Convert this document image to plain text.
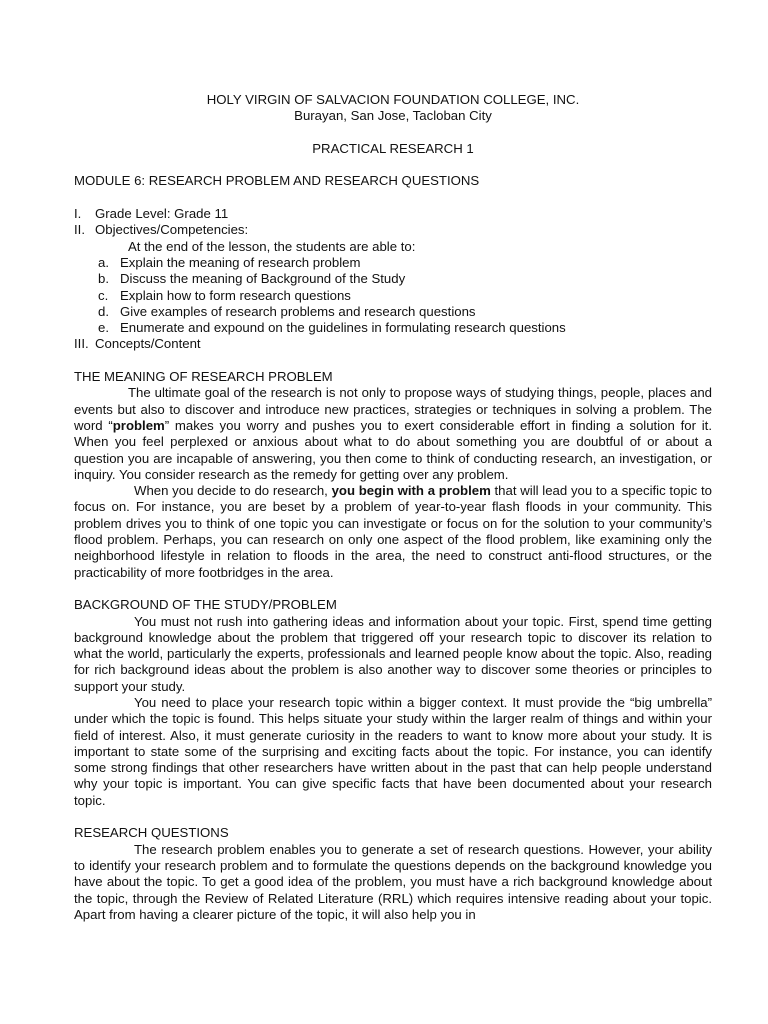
HOLY VIRGIN OF SALVACION FOUNDATION COLLEGE, INC.
Burayan, San Jose, Tacloban City
PRACTICAL RESEARCH 1
MODULE 6: RESEARCH PROBLEM AND RESEARCH QUESTIONS
I. Grade Level: Grade 11
II. Objectives/Competencies:
At the end of the lesson, the students are able to:
a. Explain the meaning of research problem
b. Discuss the meaning of Background of the Study
c. Explain how to form research questions
d. Give examples of research problems and research questions
e. Enumerate and expound on the guidelines in formulating research questions
III. Concepts/Content
THE MEANING OF RESEARCH PROBLEM
The ultimate goal of the research is not only to propose ways of studying things, people, places and events but also to discover and introduce new practices, strategies or techniques in solving a problem. The word “problem” makes you worry and pushes you to exert considerable effort in finding a solution for it. When you feel perplexed or anxious about what to do about something you are doubtful of or about a question you are incapable of answering, you then come to think of conducting research, an investigation, or inquiry. You consider research as the remedy for getting over any problem.
When you decide to do research, you begin with a problem that will lead you to a specific topic to focus on. For instance, you are beset by a problem of year-to-year flash floods in your community. This problem drives you to think of one topic you can investigate or focus on for the solution to your community’s flood problem. Perhaps, you can research on only one aspect of the flood problem, like examining only the neighborhood lifestyle in relation to floods in the area, the need to construct anti-flood structures, or the practicability of more footbridges in the area.
BACKGROUND OF THE STUDY/PROBLEM
You must not rush into gathering ideas and information about your topic. First, spend time getting background knowledge about the problem that triggered off your research topic to discover its relation to what the world, particularly the experts, professionals and learned people know about the topic. Also, reading for rich background ideas about the problem is also another way to discover some theories or principles to support your study.
You need to place your research topic within a bigger context. It must provide the “big umbrella” under which the topic is found. This helps situate your study within the larger realm of things and within your field of interest. Also, it must generate curiosity in the readers to want to know more about your study. It is important to state some of the surprising and exciting facts about the topic. For instance, you can identify some strong findings that other researchers have written about in the past that can help people understand why your topic is important. You can give specific facts that have been documented about your research topic.
RESEARCH QUESTIONS
The research problem enables you to generate a set of research questions. However, your ability to identify your research problem and to formulate the questions depends on the background knowledge you have about the topic. To get a good idea of the problem, you must have a rich background knowledge about the topic, through the Review of Related Literature (RRL) which requires intensive reading about your topic. Apart from having a clearer picture of the topic, it will also help you in
